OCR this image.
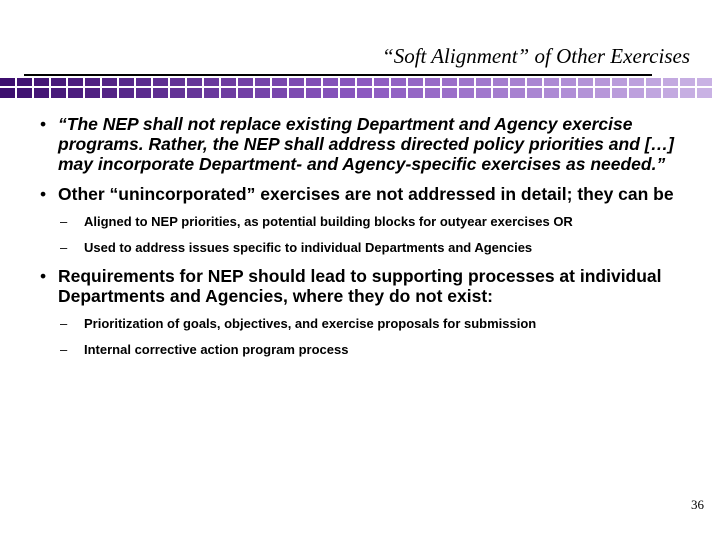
“Soft Alignment” of Other Exercises
• “The NEP shall not replace existing Department and Agency exercise programs. Rather, the NEP shall address directed policy priorities and […] may incorporate Department- and Agency-specific exercises as needed.”
• Other “unincorporated” exercises are not addressed in detail; they can be
– Aligned to NEP priorities, as potential building blocks for outyear exercises OR
– Used to address issues specific to individual Departments and Agencies
• Requirements for NEP should lead to supporting processes at individual Departments and Agencies, where they do not exist:
– Prioritization of goals, objectives, and exercise proposals for submission
– Internal corrective action program process
36
